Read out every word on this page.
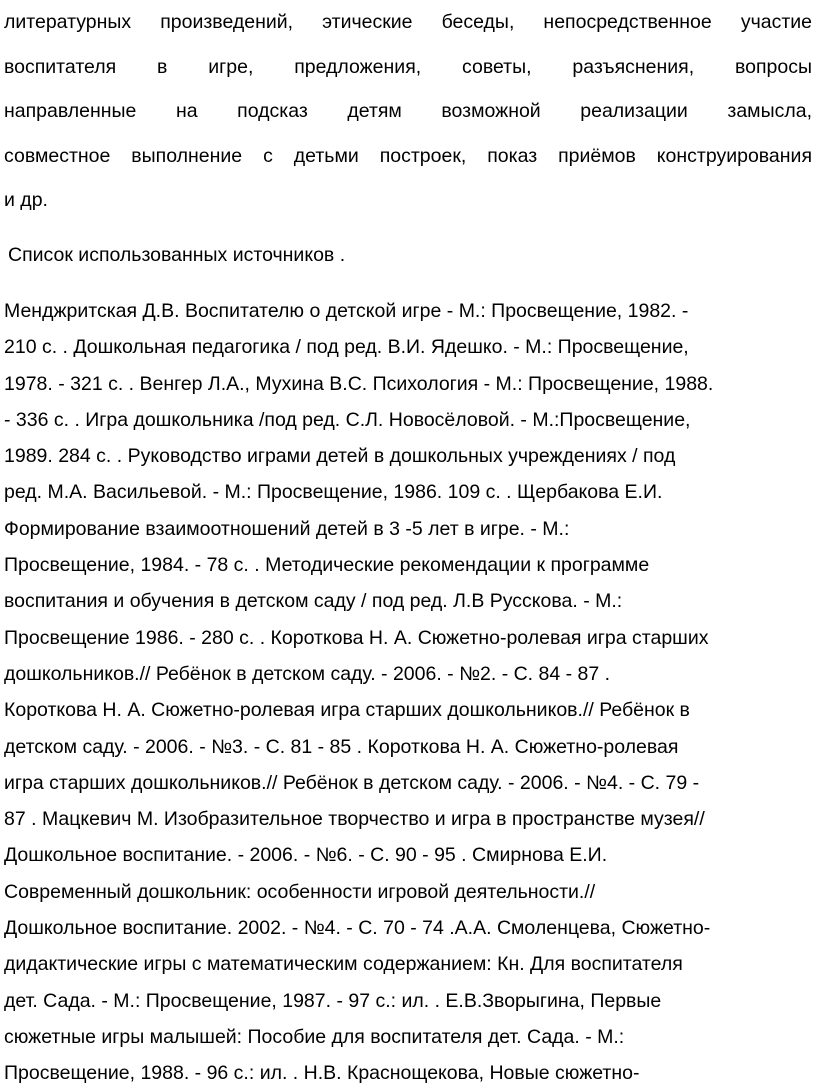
литературных произведений, этические беседы, непосредственное участие
воспитателя в игре, предложения, советы, разъяснения, вопросы
направленные на подсказ детям возможной реализации замысла,
совместное выполнение с детьми построек, показ приёмов конструирования
и др.
Список использованных источников .
Менджритская Д.В. Воспитателю о детской игре - М.: Просвещение, 1982. -
210 с. . Дошкольная педагогика / под ред. В.И. Ядешко. - М.: Просвещение,
1978. - 321 с. . Венгер Л.А., Мухина В.С. Психология - М.: Просвещение, 1988.
- 336 с. . Игра дошкольника /под ред. С.Л. Новосёловой. - М.:Просвещение,
1989. 284 с. . Руководство играми детей в дошкольных учреждениях / под
ред. М.А. Васильевой. - М.: Просвещение, 1986. 109 с. . Щербакова Е.И.
Формирование взаимоотношений детей в 3 -5 лет в игре. - М.:
Просвещение, 1984. - 78 с. . Методические рекомендации к программе
воспитания и обучения в детском саду / под ред. Л.В Русскова. - М.:
Просвещение 1986. - 280 с. . Короткова Н. А. Сюжетно-ролевая игра старших
дошкольников.// Ребёнок в детском саду. - 2006. - №2. - С. 84 - 87 .
Короткова Н. А. Сюжетно-ролевая игра старших дошкольников.// Ребёнок в
детском саду. - 2006. - №3. - С. 81 - 85 . Короткова Н. А. Сюжетно-ролевая
игра старших дошкольников.// Ребёнок в детском саду. - 2006. - №4. - С. 79 -
87 . Мацкевич М. Изобразительное творчество и игра в пространстве музея//
Дошкольное воспитание. - 2006. - №6. - С. 90 - 95 . Смирнова Е.И.
Современный дошкольник: особенности игровой деятельности.//
Дошкольное воспитание. 2002. - №4. - С. 70 - 74 .А.А. Смоленцева, Сюжетно-
дидактические игры с математическим содержанием: Кн. Для воспитателя
дет. Сада. - М.: Просвещение, 1987. - 97 с.: ил. . Е.В.Зворыгина, Первые
сюжетные игры малышей: Пособие для воспитателя дет. Сада. - М.:
Просвещение, 1988. - 96 с.: ил. . Н.В. Краснощекова, Новые сюжетно-
